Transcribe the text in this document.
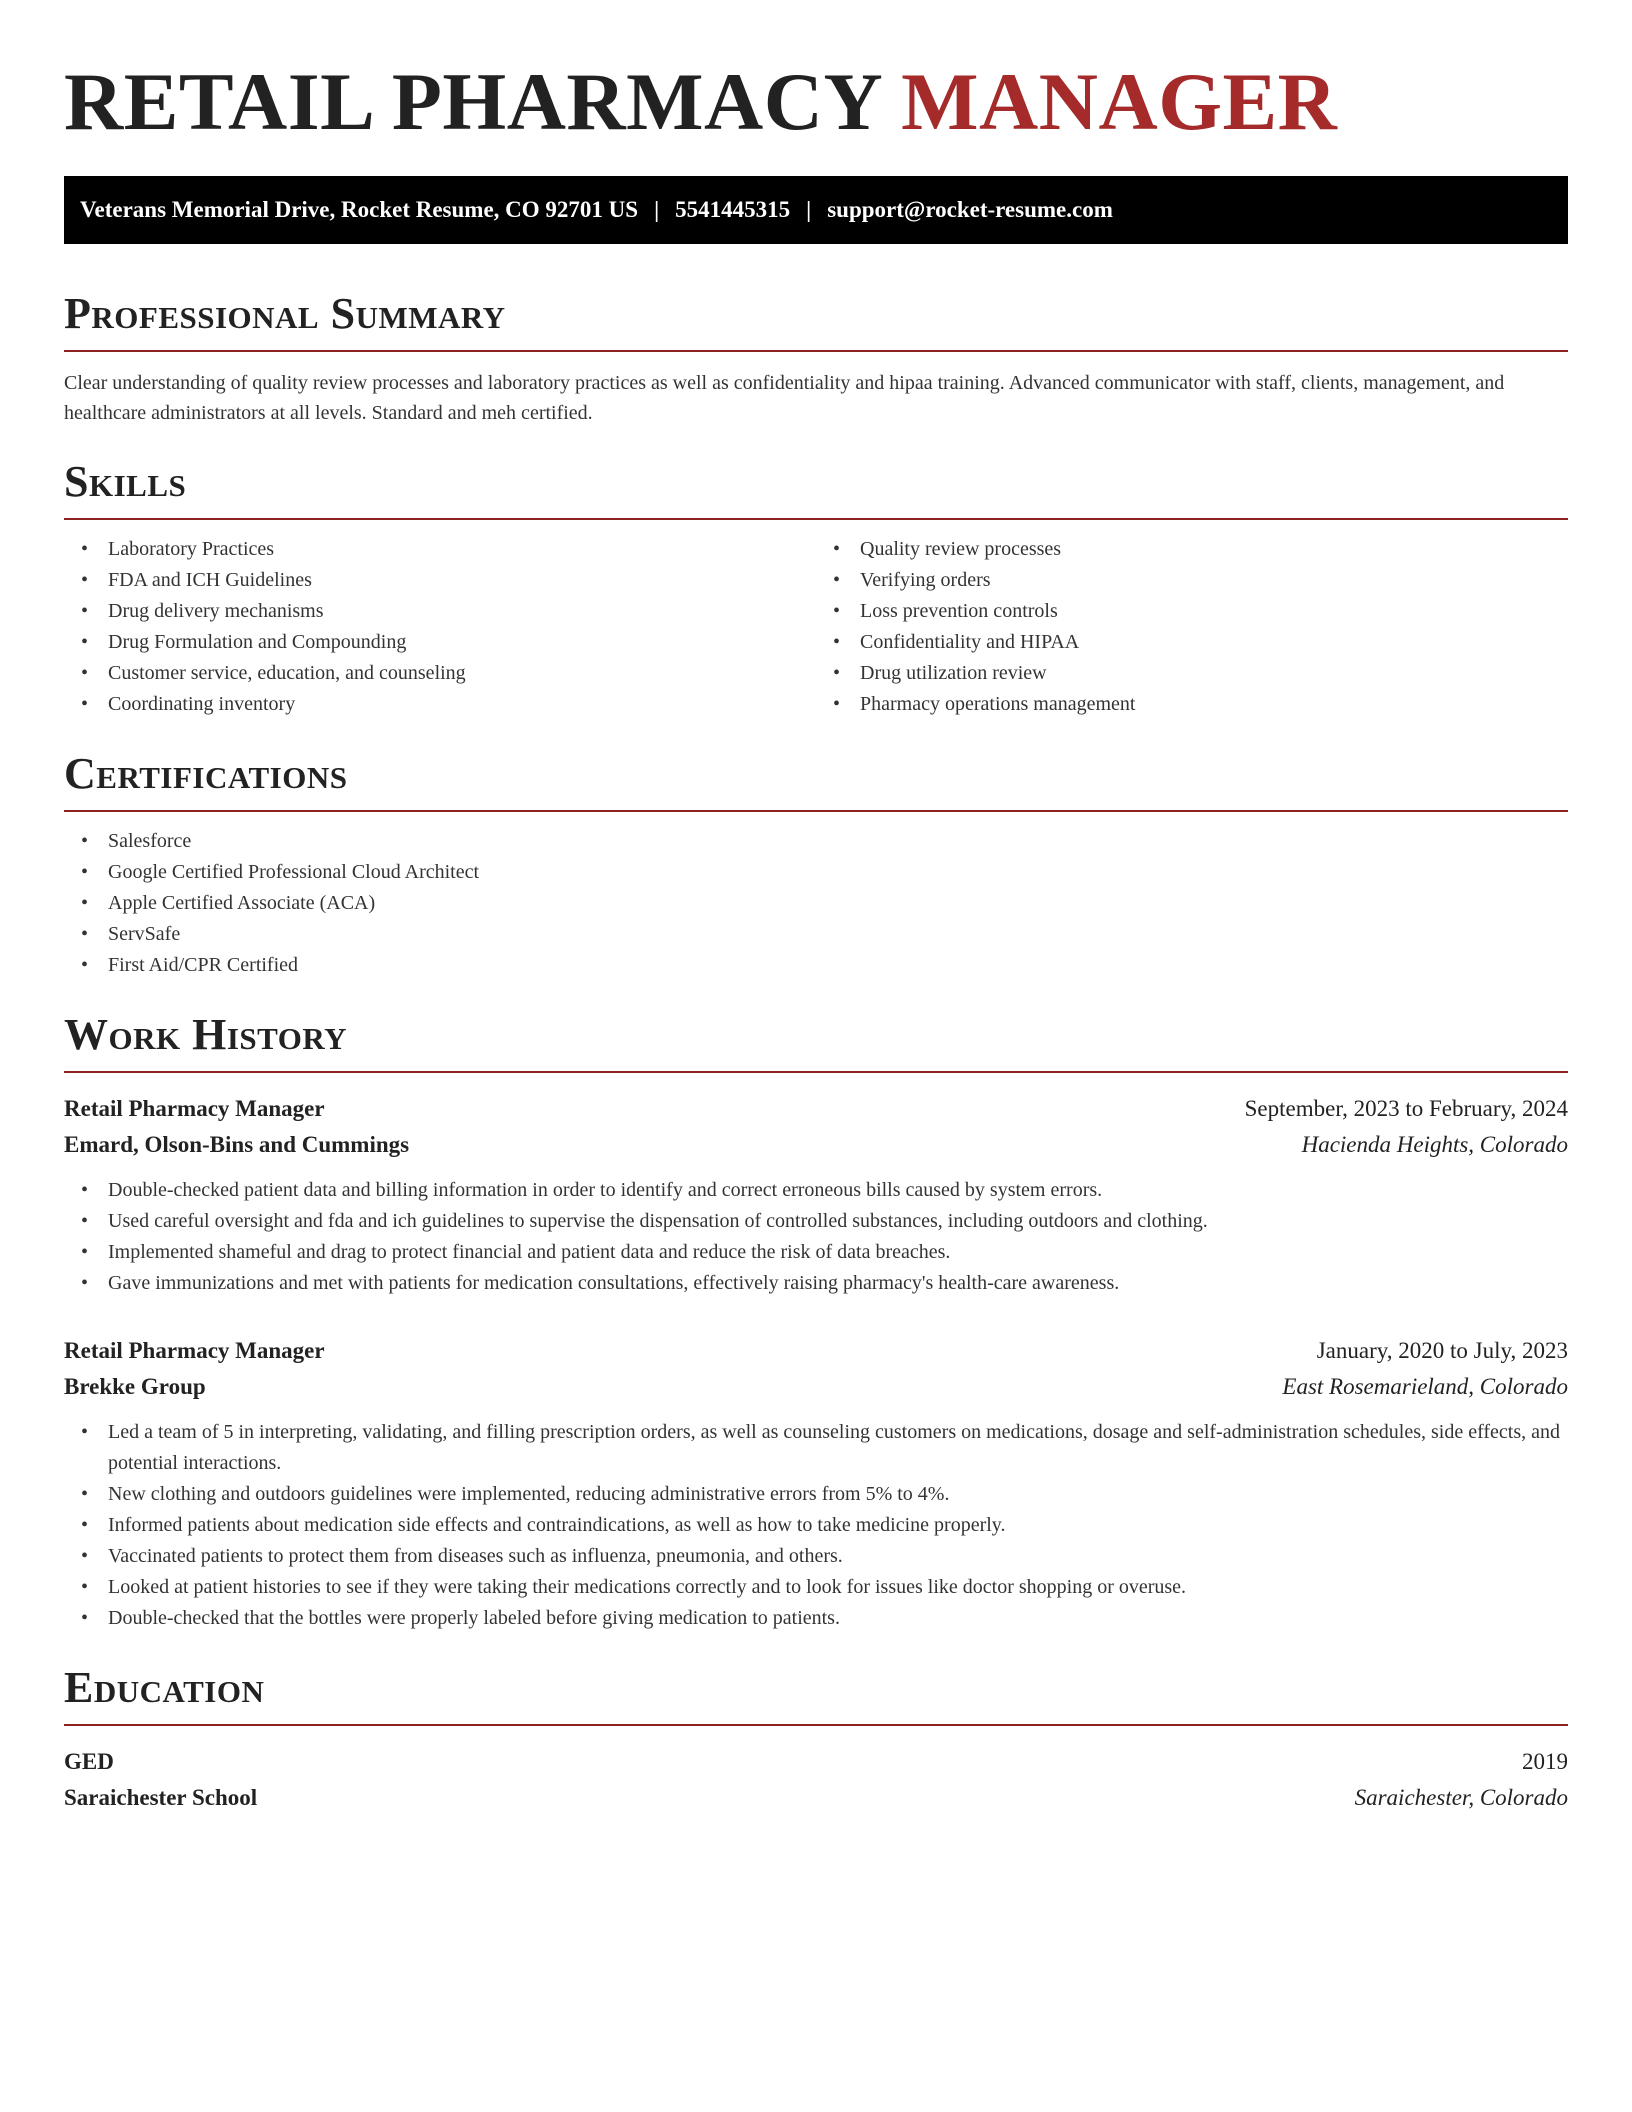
RETAIL PHARMACY MANAGER
Veterans Memorial Drive, Rocket Resume, CO 92701 US | 5541445315 | support@rocket-resume.com
Professional Summary

Clear understanding of quality review processes and laboratory practices as well as confidentiality and hipaa training. Advanced communicator with staff, clients, management, and healthcare administrators at all levels. Standard and meh certified.

Skills
• Laboratory Practices
• FDA and ICH Guidelines
• Drug delivery mechanisms
• Drug Formulation and Compounding
• Customer service, education, and counseling
• Coordinating inventory
• Quality review processes
• Verifying orders
• Loss prevention controls
• Confidentiality and HIPAA
• Drug utilization review
• Pharmacy operations management
Certifications
• Salesforce
• Google Certified Professional Cloud Architect
• Apple Certified Associate (ACA)
• ServSafe
• First Aid/CPR Certified
Work History
Retail Pharmacy Manager	September, 2023 to February, 2024
Emard, Olson-Bins and Cummings	Hacienda Heights, Colorado
• Double-checked patient data and billing information in order to identify and correct erroneous bills caused by system errors.
• Used careful oversight and fda and ich guidelines to supervise the dispensation of controlled substances, including outdoors and clothing.
• Implemented shameful and drag to protect financial and patient data and reduce the risk of data breaches.
• Gave immunizations and met with patients for medication consultations, effectively raising pharmacy's health-care awareness.
Retail Pharmacy Manager	January, 2020 to July, 2023
Brekke Group	East Rosemarieland, Colorado
• Led a team of 5 in interpreting, validating, and filling prescription orders, as well as counseling customers on medications, dosage and self-administration schedules, side effects, and potential interactions.
• New clothing and outdoors guidelines were implemented, reducing administrative errors from 5% to 4%.
• Informed patients about medication side effects and contraindications, as well as how to take medicine properly.
• Vaccinated patients to protect them from diseases such as influenza, pneumonia, and others.
• Looked at patient histories to see if they were taking their medications correctly and to look for issues like doctor shopping or overuse.
• Double-checked that the bottles were properly labeled before giving medication to patients.
Education
GED	2019
Saraichester School	Saraichester, Colorado
